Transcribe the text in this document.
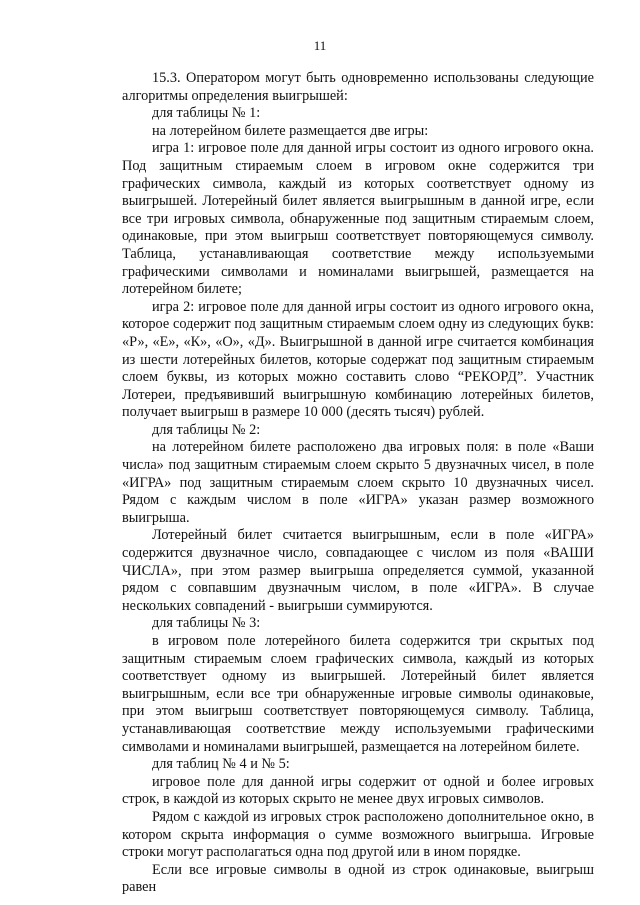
11

15.3. Оператором могут быть одновременно использованы следующие алгоритмы определения выигрышей:

для таблицы № 1:

на лотерейном билете размещается две игры:

игра 1: игровое поле для данной игры состоит из одного игрового окна. Под защитным стираемым слоем в игровом окне содержится три графических символа, каждый из которых соответствует одному из выигрышей. Лотерейный билет является выигрышным в данной игре, если все три игровых символа, обнаруженные под защитным стираемым слоем, одинаковые, при этом выигрыш соответствует повторяющемуся символу. Таблица, устанавливающая соответствие между используемыми графическими символами и номиналами выигрышей, размещается на лотерейном билете;

игра 2: игровое поле для данной игры состоит из одного игрового окна, которое содержит под защитным стираемым слоем одну из следующих букв: «Р», «Е», «К», «О», «Д». Выигрышной в данной игре считается комбинация из шести лотерейных билетов, которые содержат под защитным стираемым слоем буквы, из которых можно составить слово “РЕКОРД”. Участник Лотереи, предъявивший выигрышную комбинацию лотерейных билетов, получает выигрыш в размере 10 000 (десять тысяч) рублей.

для таблицы № 2:

на лотерейном билете расположено два игровых поля: в поле «Ваши числа» под защитным стираемым слоем скрыто 5 двузначных чисел, в поле «ИГРА» под защитным стираемым слоем скрыто 10 двузначных чисел. Рядом с каждым числом в поле «ИГРА» указан размер возможного выигрыша.

Лотерейный билет считается выигрышным, если в поле «ИГРА» содержится двузначное число, совпадающее с числом из поля «ВАШИ ЧИСЛА», при этом размер выигрыша определяется суммой, указанной рядом с совпавшим двузначным числом, в поле «ИГРА». В случае нескольких совпадений - выигрыши суммируются.

для таблицы № 3:

в игровом поле лотерейного билета содержится три скрытых под защитным стираемым слоем графических символа, каждый из которых соответствует одному из выигрышей. Лотерейный билет является выигрышным, если все три обнаруженные игровые символы одинаковые, при этом выигрыш соответствует повторяющемуся символу. Таблица, устанавливающая соответствие между используемыми графическими символами и номиналами выигрышей, размещается на лотерейном билете.

для таблиц № 4 и № 5:

игровое поле для данной игры содержит от одной и более игровых строк, в каждой из которых скрыто не менее двух игровых символов.

Рядом с каждой из игровых строк расположено дополнительное окно, в котором скрыта информация о сумме возможного выигрыша. Игровые строки могут располагаться одна под другой или в ином порядке.

Если все игровые символы в одной из строк одинаковые, выигрыш равен
